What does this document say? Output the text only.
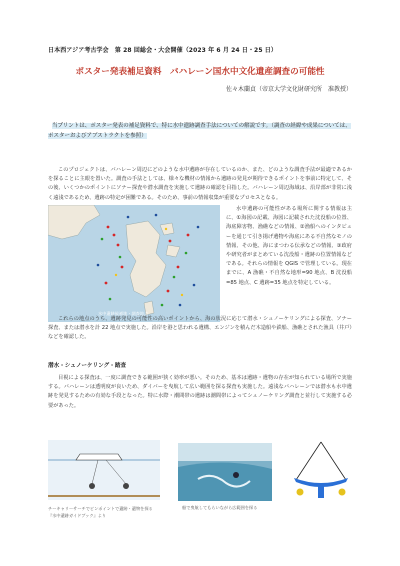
日本西アジア考古学会　第 28 回総会・大会開催（2023 年 6 月 24 日・25 日）
ポスター発表補足資料　バハレーン国水中文化遺産調査の可能性
佐々木蘭貞（帝京大学文化財研究所　准教授）
当プリントは、ポスター発表の補足資料で、特に水中遺跡調査手法についての解説です。（調査の経緯や成果については、ポスターおよびアブストラクトを参照）
このプロジェクトは、バハレーン周辺にどのような水中遺跡が存在しているのか、また、どのような調査手法が最適であるかを探ることに主眼を置いた。調査の手法としては、様々な機材の情報から遺跡の発見が期待できるポイントを事前に特定して、その後、いくつかのポイントにソナー探査や潜水調査を実施して遺跡の確認を目指した。バハレーン周辺海域は、沿岸部が非常に浅く遠浅であるため、遺跡の特定が困難である。そのため、事前の情報収集が重要なプロセスとなる。
水中遺跡候補地・調査地点
水中遺跡の可能性がある場所に関する情報は主に、①海図の記載、海図に記載された沈没船の位置、海底障害物、漁礁などの情報、②漁船へのインタビューを通じて引き揚げ遺物や海底にある不自然なモノの情報、その他、海にまつわる伝承などの情報、③政府や研究者がまとめている沈没船・遺跡の位置情報などである。それらの情報を QGIS で管理している。現在までに、A 漁礁・不自然な地形=90 地点、B 沈没船=85 地点、C 遺跡=35 地点を特定している。
これらの地点のうち、遺跡発見の可能性の高いポイントから、海の状況に応じて潜水・シュノーケリングによる探査、ソナー探査、または潜水を計 22 地点で実施した。沿岸を港と思われる遺構、エンジンを積んだ木造船や鉄船、漁礁とされた漁具（井戸）などを確認した。
潜水・シュノーケリング・踏査
目視による探査は、一度に調査できる範囲が狭く効率が悪い。そのため、基本は遺跡・遺物の存在が知られている場所で実施する。バハレーンは透明度が良いため、ダイバーを曳航して広い範囲を探る探査も実施した。遠浅なバハレーンでは潜水も水中遺跡を発見するための有効な手段となった。特に水際・潮間帯の遺跡は潮間帯によってシュノーケリング調査と並行して実施する必要があった。
チーキャリーサーチでピンポイントで遺跡・遺物を探る　『水中遺跡ガイドブック』より
船で曳航してもらいながら広範囲を探る
